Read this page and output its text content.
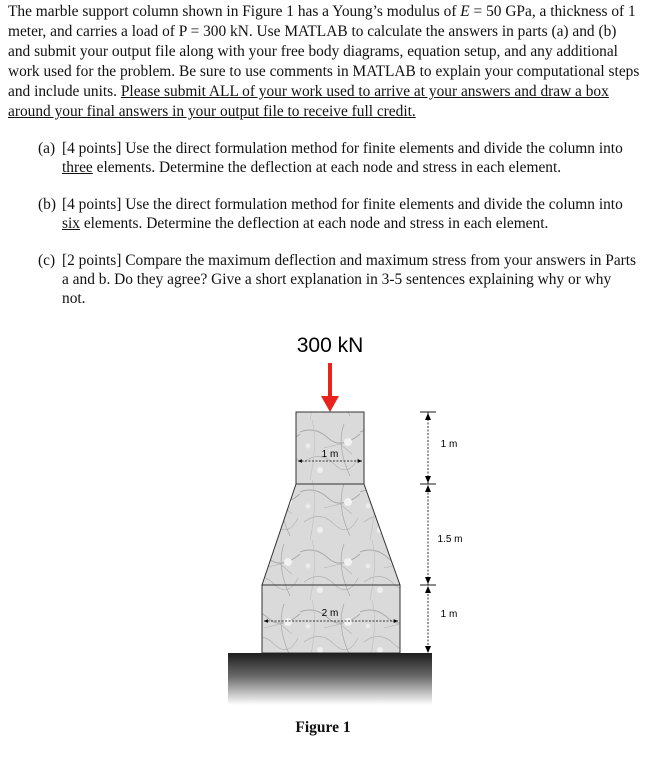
The marble support column shown in Figure 1 has a Young’s modulus of E = 50 GPa, a thickness of 1 meter, and carries a load of P = 300 kN. Use MATLAB to calculate the answers in parts (a) and (b) and submit your output file along with your free body diagrams, equation setup, and any additional work used for the problem. Be sure to use comments in MATLAB to explain your computational steps and include units. Please submit ALL of your work used to arrive at your answers and draw a box around your final answers in your output file to receive full credit.

(a) [4 points] Use the direct formulation method for finite elements and divide the column into three elements. Determine the deflection at each node and stress in each element.
(b) [4 points] Use the direct formulation method for finite elements and divide the column into six elements. Determine the deflection at each node and stress in each element.
(c) [2 points] Compare the maximum deflection and maximum stress from your answers in Parts a and b. Do they agree? Give a short explanation in 3-5 sentences explaining why or why not.
300 kN
1 m
2 m
1 m
1.5 m
1 m
Figure 1
